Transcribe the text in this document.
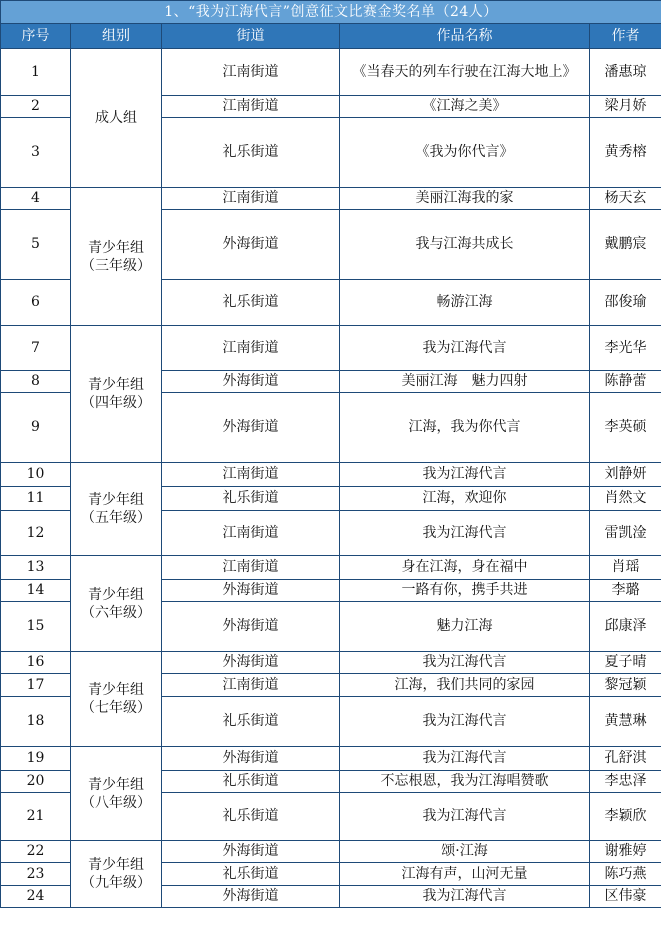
1、“我为江海代言”创意征文比赛金奖名单（24人）				
序号	组别	街道	作品名称	作者
1	成人组	江南街道	《当春天的列车行驶在江海大地上》	潘惠琼
2		江南街道	《江海之美》	梁月娇
3		礼乐街道	《我为你代言》	黄秀榕
4	青少年组
（三年级）	江南街道	美丽江海我的家	杨天玄
5		外海街道	我与江海共成长	戴鹏宸
6		礼乐街道	畅游江海	邵俊瑜
7	青少年组
（四年级）	江南街道	我为江海代言	李光华
8		外海街道	美丽江海　魅力四射	陈静蕾
9		外海街道	江海，我为你代言	李英硕
10	青少年组
（五年级）	江南街道	我为江海代言	刘静妍
11		礼乐街道	江海，欢迎你	肖然文
12		江南街道	我为江海代言	雷凯淦
13	青少年组
（六年级）	江南街道	身在江海，身在福中	肖瑶
14		外海街道	一路有你，携手共进	李璐
15		外海街道	魅力江海	邱康泽
16	青少年组
（七年级）	外海街道	我为江海代言	夏子晴
17		江南街道	江海，我们共同的家园	黎冠颖
18		礼乐街道	我为江海代言	黄慧琳
19	青少年组
（八年级）	外海街道	我为江海代言	孔舒淇
20		礼乐街道	不忘根恩，我为江海唱赞歌	李忠泽
21		礼乐街道	我为江海代言	李颖欣
22	青少年组
（九年级）	外海街道	颂·江海	谢雅婷
23		礼乐街道	江海有声，山河无量	陈巧燕
24		外海街道	我为江海代言	区伟豪
